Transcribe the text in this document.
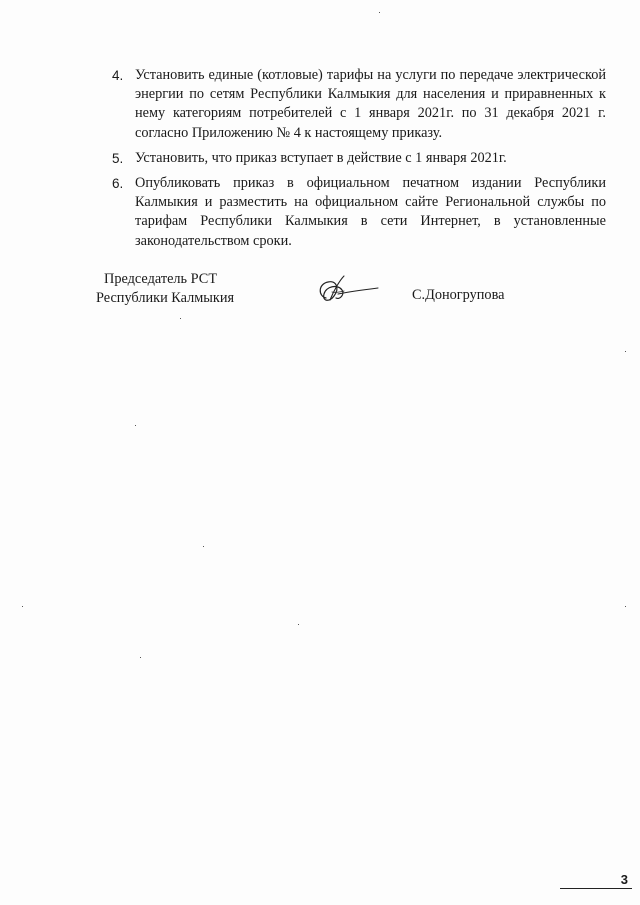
4. Установить единые (котловые) тарифы на услуги по передаче электрической энергии по сетям Республики Калмыкия для населения и приравненных к нему категориям потребителей с 1 января 2021г. по 31 декабря 2021 г. согласно Приложению № 4 к настоящему приказу.
5. Установить, что приказ вступает в действие с 1 января 2021г.
6. Опубликовать приказ в официальном печатном издании Республики Калмыкия и разместить на официальном сайте Региональной службы по тарифам Республики Калмыкия в сети Интернет, в установленные законодательством сроки.
Председатель РСТ
Республики Калмыкия	С.Доногрупова
3
